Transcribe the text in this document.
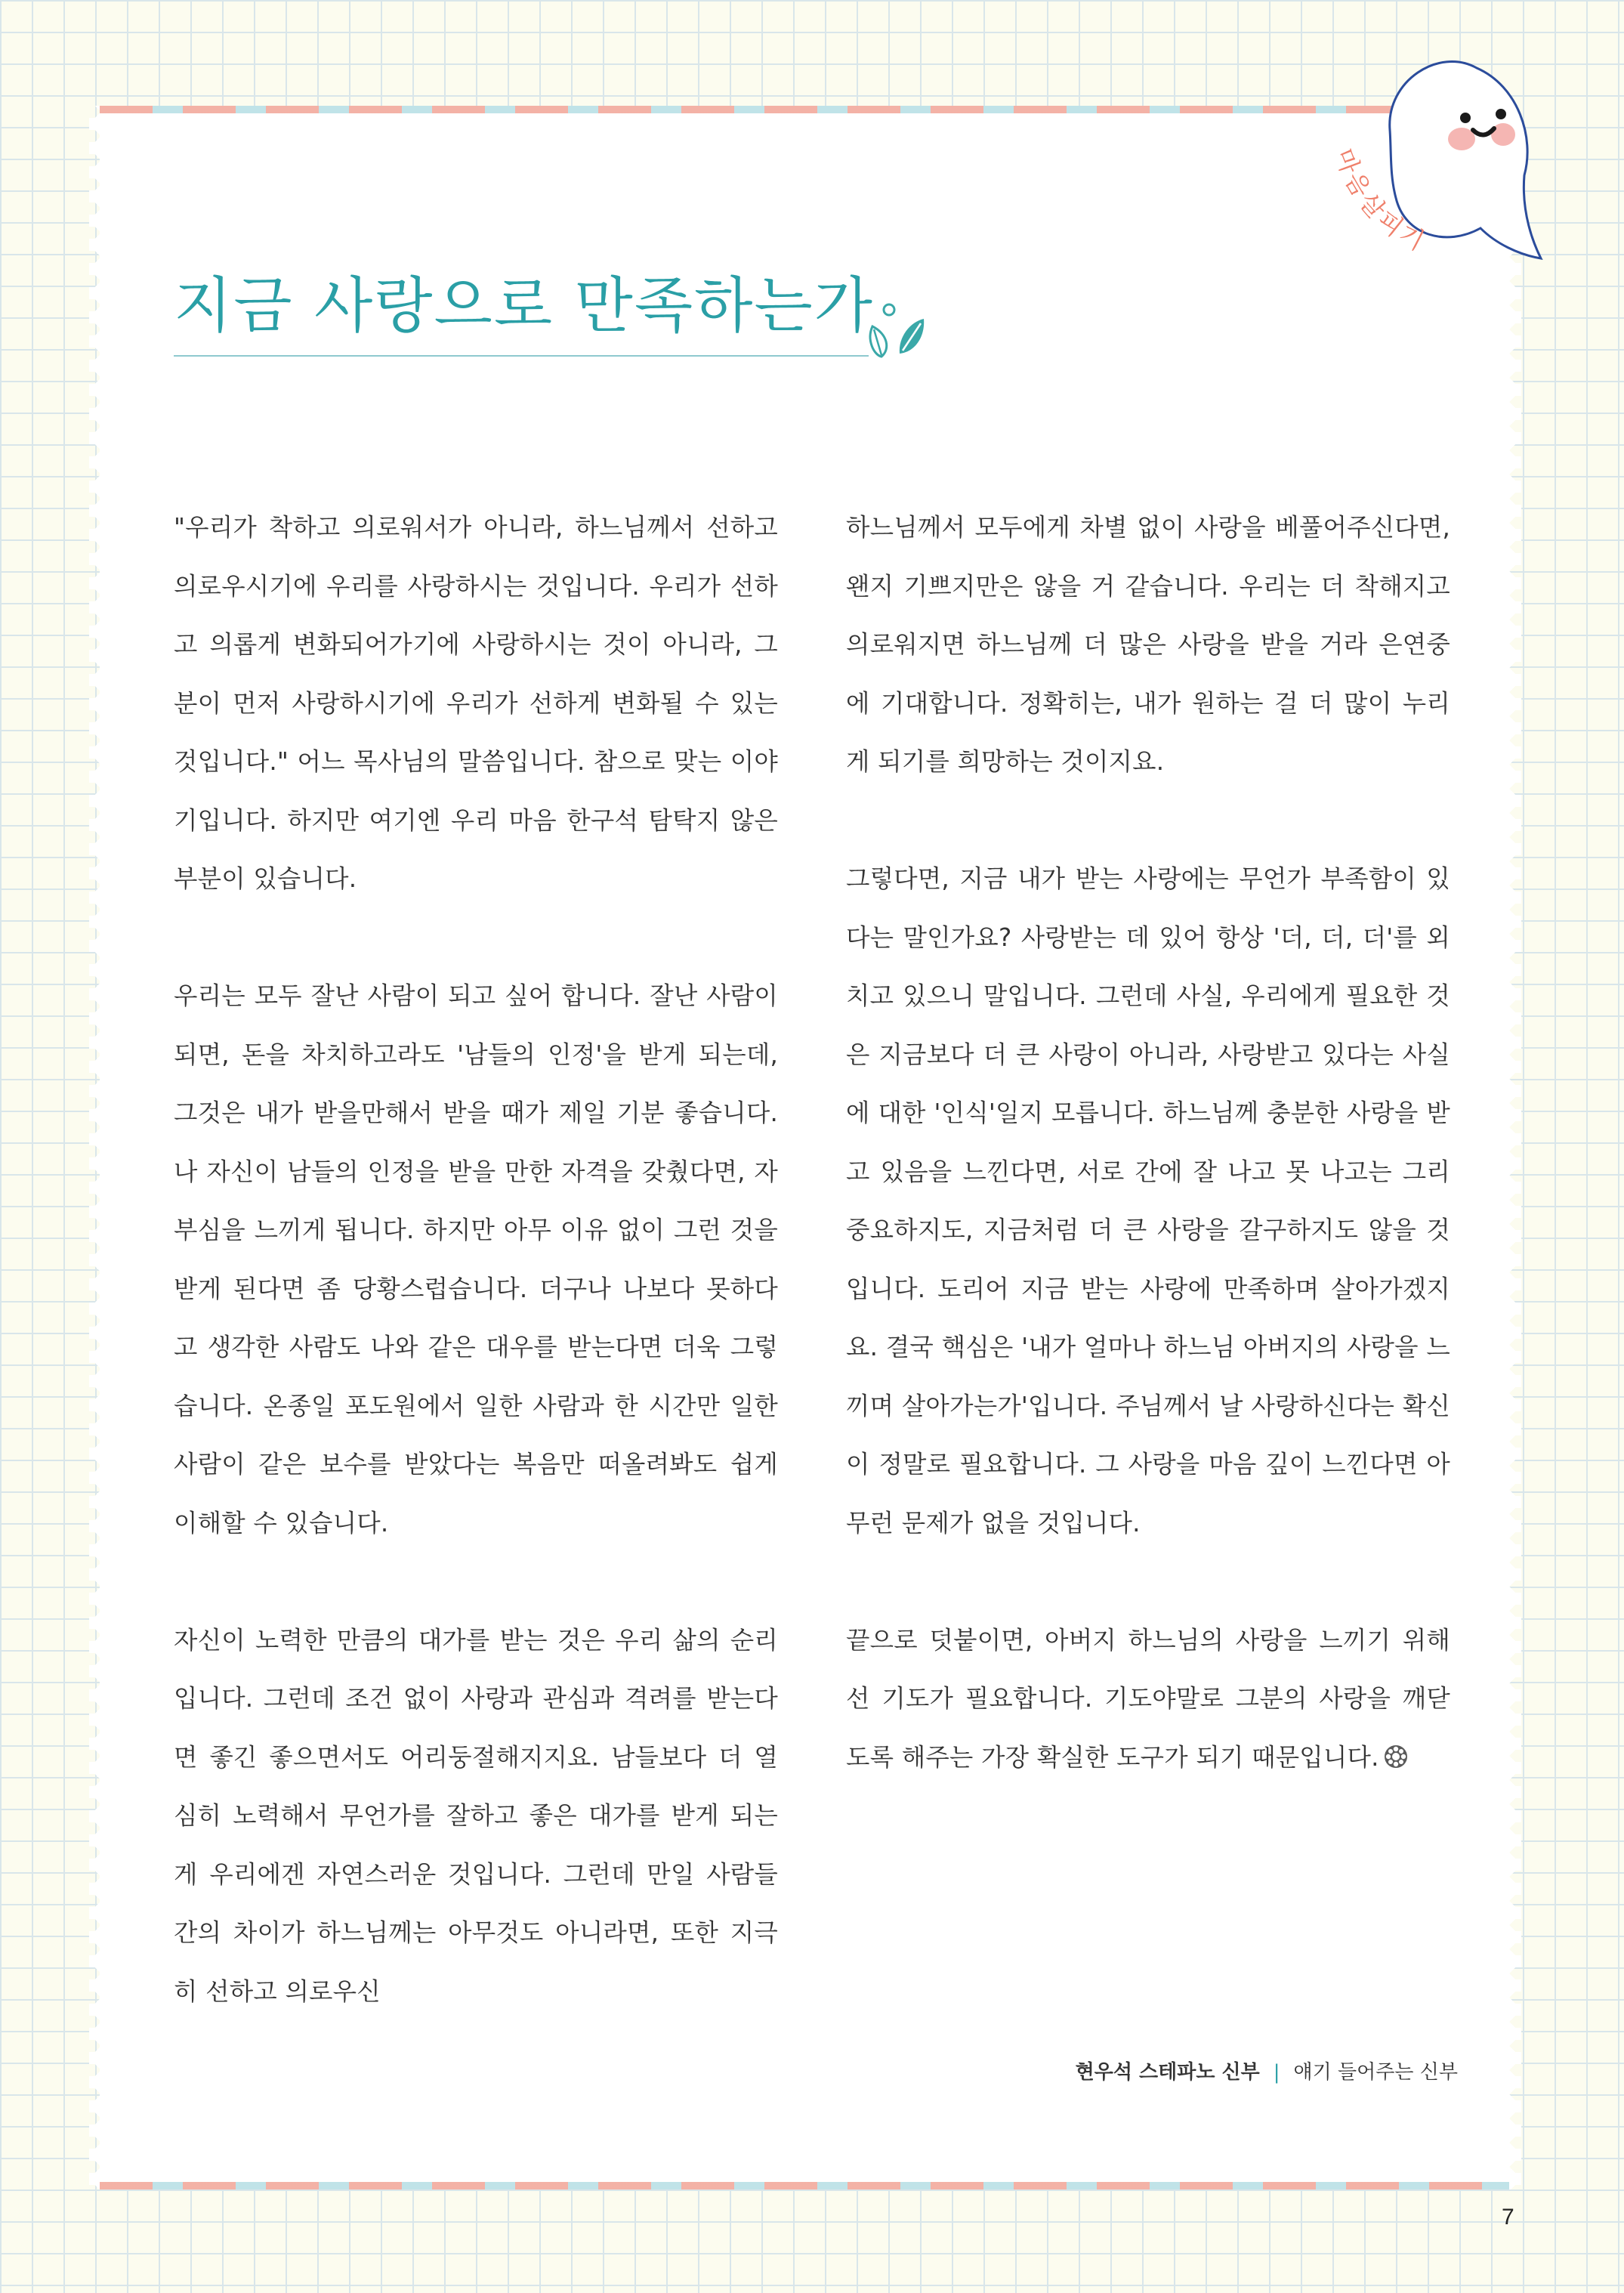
마음살피기
지금 사랑으로 만족하는가

"우리가 착하고 의로워서가 아니라, 하느님께서 선하고 의로우시기에 우리를 사랑하시는 것입니다. 우리가 선하고 의롭게 변화되어가기에 사랑하시는 것이 아니라, 그분이 먼저 사랑하시기에 우리가 선하게 변화될 수 있는 것입니다." 어느 목사님의 말씀입니다. 참으로 맞는 이야기입니다. 하지만 여기엔 우리 마음 한구석 탐탁지 않은 부분이 있습니다.

우리는 모두 잘난 사람이 되고 싶어 합니다. 잘난 사람이 되면, 돈을 차치하고라도 '남들의 인정'을 받게 되는데, 그것은 내가 받을만해서 받을 때가 제일 기분 좋습니다. 나 자신이 남들의 인정을 받을 만한 자격을 갖췄다면, 자부심을 느끼게 됩니다. 하지만 아무 이유 없이 그런 것을 받게 된다면 좀 당황스럽습니다. 더구나 나보다 못하다고 생각한 사람도 나와 같은 대우를 받는다면 더욱 그렇습니다. 온종일 포도원에서 일한 사람과 한 시간만 일한 사람이 같은 보수를 받았다는 복음만 떠올려봐도 쉽게 이해할 수 있습니다.

자신이 노력한 만큼의 대가를 받는 것은 우리 삶의 순리입니다. 그런데 조건 없이 사랑과 관심과 격려를 받는다면 좋긴 좋으면서도 어리둥절해지지요. 남들보다 더 열심히 노력해서 무언가를 잘하고 좋은 대가를 받게 되는 게 우리에겐 자연스러운 것입니다. 그런데 만일 사람들 간의 차이가 하느님께는 아무것도 아니라면, 또한 지극히 선하고 의로우신

하느님께서 모두에게 차별 없이 사랑을 베풀어주신다면, 왠지 기쁘지만은 않을 거 같습니다. 우리는 더 착해지고 의로워지면 하느님께 더 많은 사랑을 받을 거라 은연중에 기대합니다. 정확히는, 내가 원하는 걸 더 많이 누리게 되기를 희망하는 것이지요.

그렇다면, 지금 내가 받는 사랑에는 무언가 부족함이 있다는 말인가요? 사랑받는 데 있어 항상 '더, 더, 더'를 외치고 있으니 말입니다. 그런데 사실, 우리에게 필요한 것은 지금보다 더 큰 사랑이 아니라, 사랑받고 있다는 사실에 대한 '인식'일지 모릅니다. 하느님께 충분한 사랑을 받고 있음을 느낀다면, 서로 간에 잘 나고 못 나고는 그리 중요하지도, 지금처럼 더 큰 사랑을 갈구하지도 않을 것입니다. 도리어 지금 받는 사랑에 만족하며 살아가겠지요. 결국 핵심은 '내가 얼마나 하느님 아버지의 사랑을 느끼며 살아가는가'입니다. 주님께서 날 사랑하신다는 확신이 정말로 필요합니다. 그 사랑을 마음 깊이 느낀다면 아무런 문제가 없을 것입니다.

끝으로 덧붙이면, 아버지 하느님의 사랑을 느끼기 위해선 기도가 필요합니다. 기도야말로 그분의 사랑을 깨닫도록 해주는 가장 확실한 도구가 되기 때문입니다.

현우석 스테파노 신부 | 얘기 들어주는 신부
7
